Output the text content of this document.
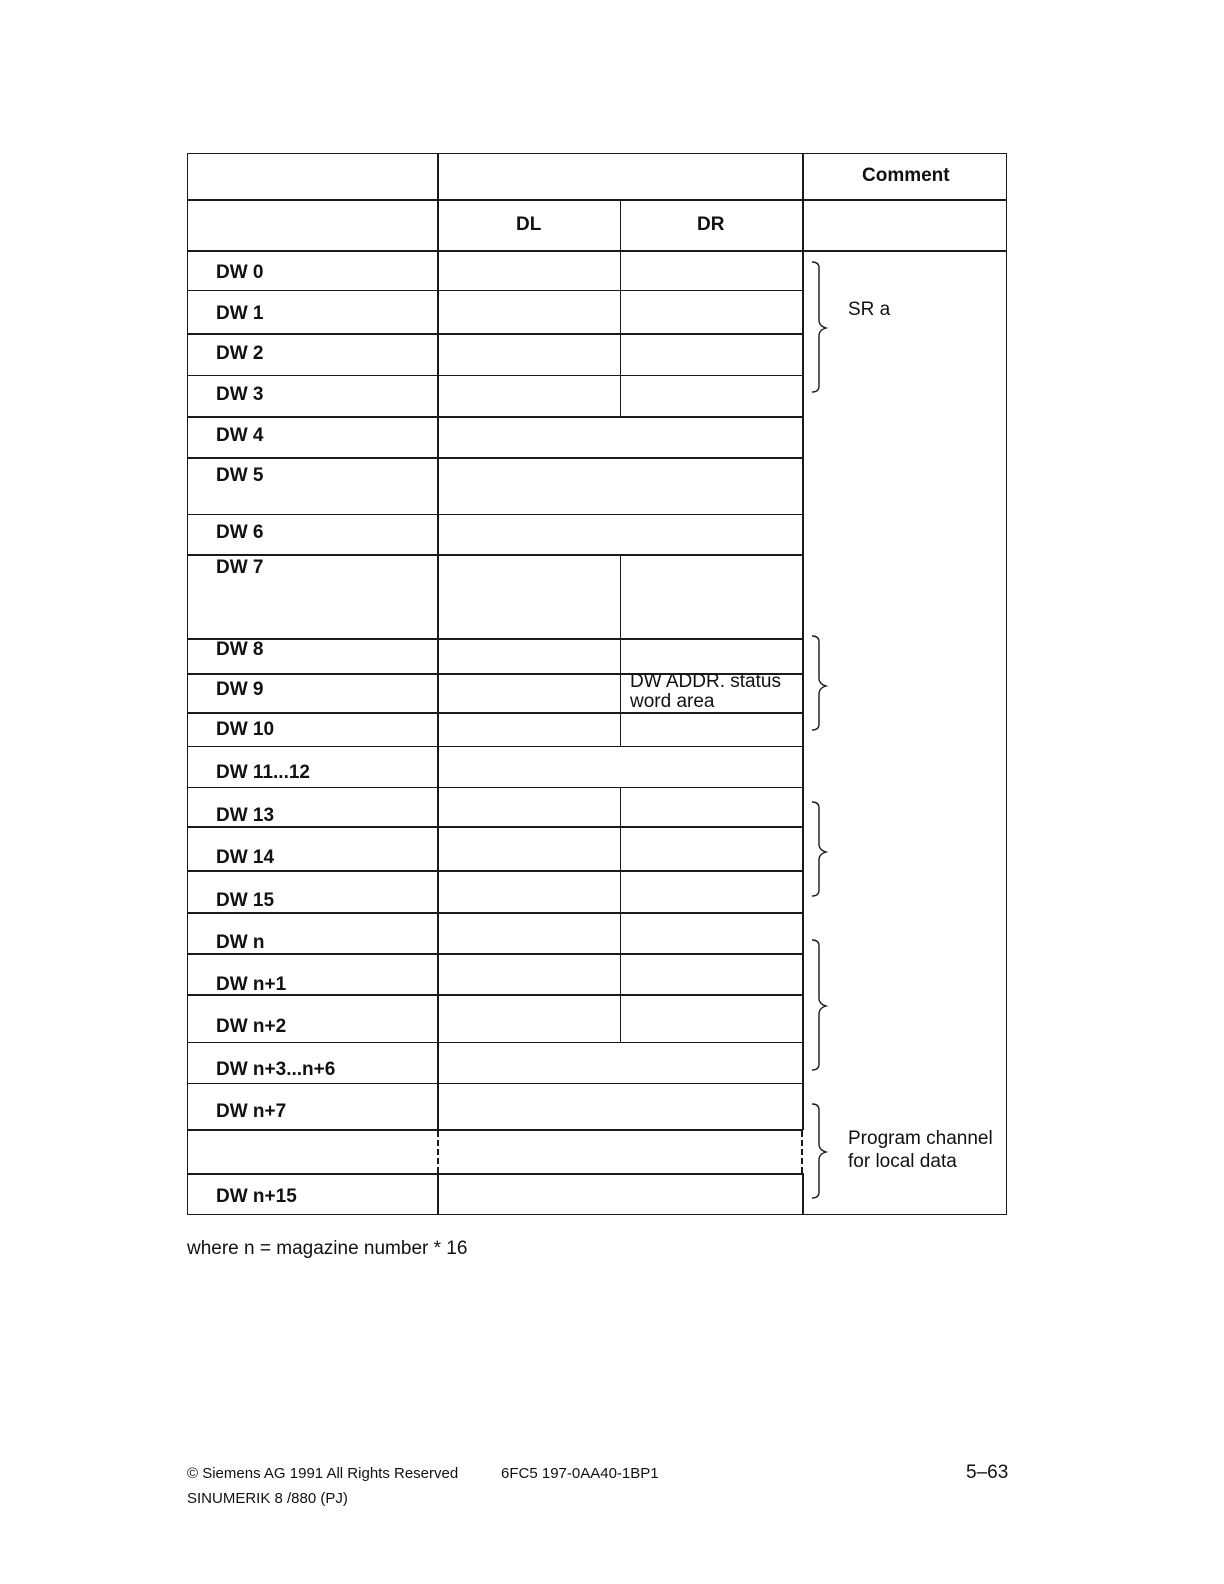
Comment
DL	DR
DW 0
DW 1
DW 2
DW 3
DW 4
DW 5
DW 6
DW 7
DW 8
DW 9
DW 10
DW 11...12
DW 13
DW 14
DW 15
DW n
DW n+1
DW n+2
DW n+3...n+6
DW n+7
DW n+15
DW ADDR. status
word area
SR a
Program channel
for local data
where n = magazine number * 16
© Siemens AG 1991 All Rights Reserved	6FC5 197-0AA40-1BP1
SINUMERIK 8 /880 (PJ)
5–63
